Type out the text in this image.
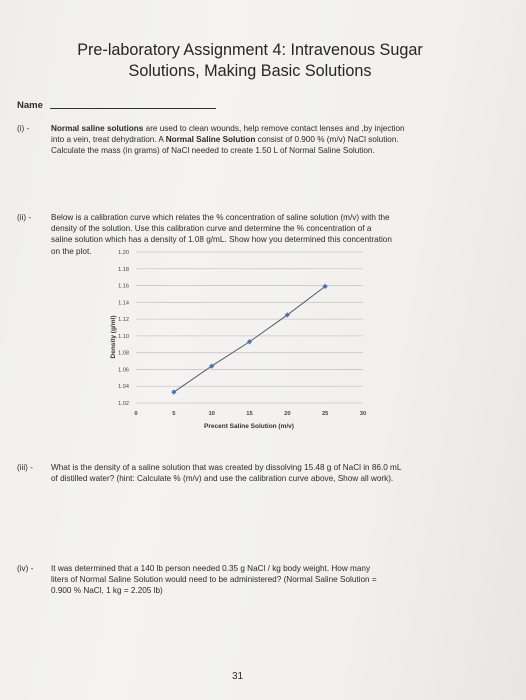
Pre-laboratory Assignment 4: Intravenous Sugar
Solutions, Making Basic Solutions
Name
(i) -	Normal saline solutions are used to clean wounds, help remove contact lenses and ,by injection
into a vein, treat dehydration. A Normal Saline Solution consist of 0.900 % (m/v) NaCl solution.
Calculate the mass (in grams) of NaCl needed to create 1.50 L of Normal Saline Solution.
(ii) - Below is a calibration curve which relates the % concentration of saline solution (m/v) with the
density of the solution. Use this calibration curve and determine the % concentration of a
saline solution which has a density of 1.08 g/mL. Show how you determined this concentration
on the plot.
Density (g/ml)
Precent Saline Solution (m/v)
1.02
1.04
1.06
1.08
1.10
1.12
1.14
1.16
1.18
1.20
0	5	10	15	20	25	30
(iii) - What is the density of a saline solution that was created by dissolving 15.48 g of NaCl in 86.0 mL
of distilled water? (hint: Calculate % (m/v) and use the calibration curve above, Show all work).
(iv) - It was determined that a 140 lb person needed 0.35 g NaCl / kg body weight. How many
liters of Normal Saline Solution would need to be administered? (Normal Saline Solution =
0.900 % NaCl, 1 kg = 2.205 lb)
31
